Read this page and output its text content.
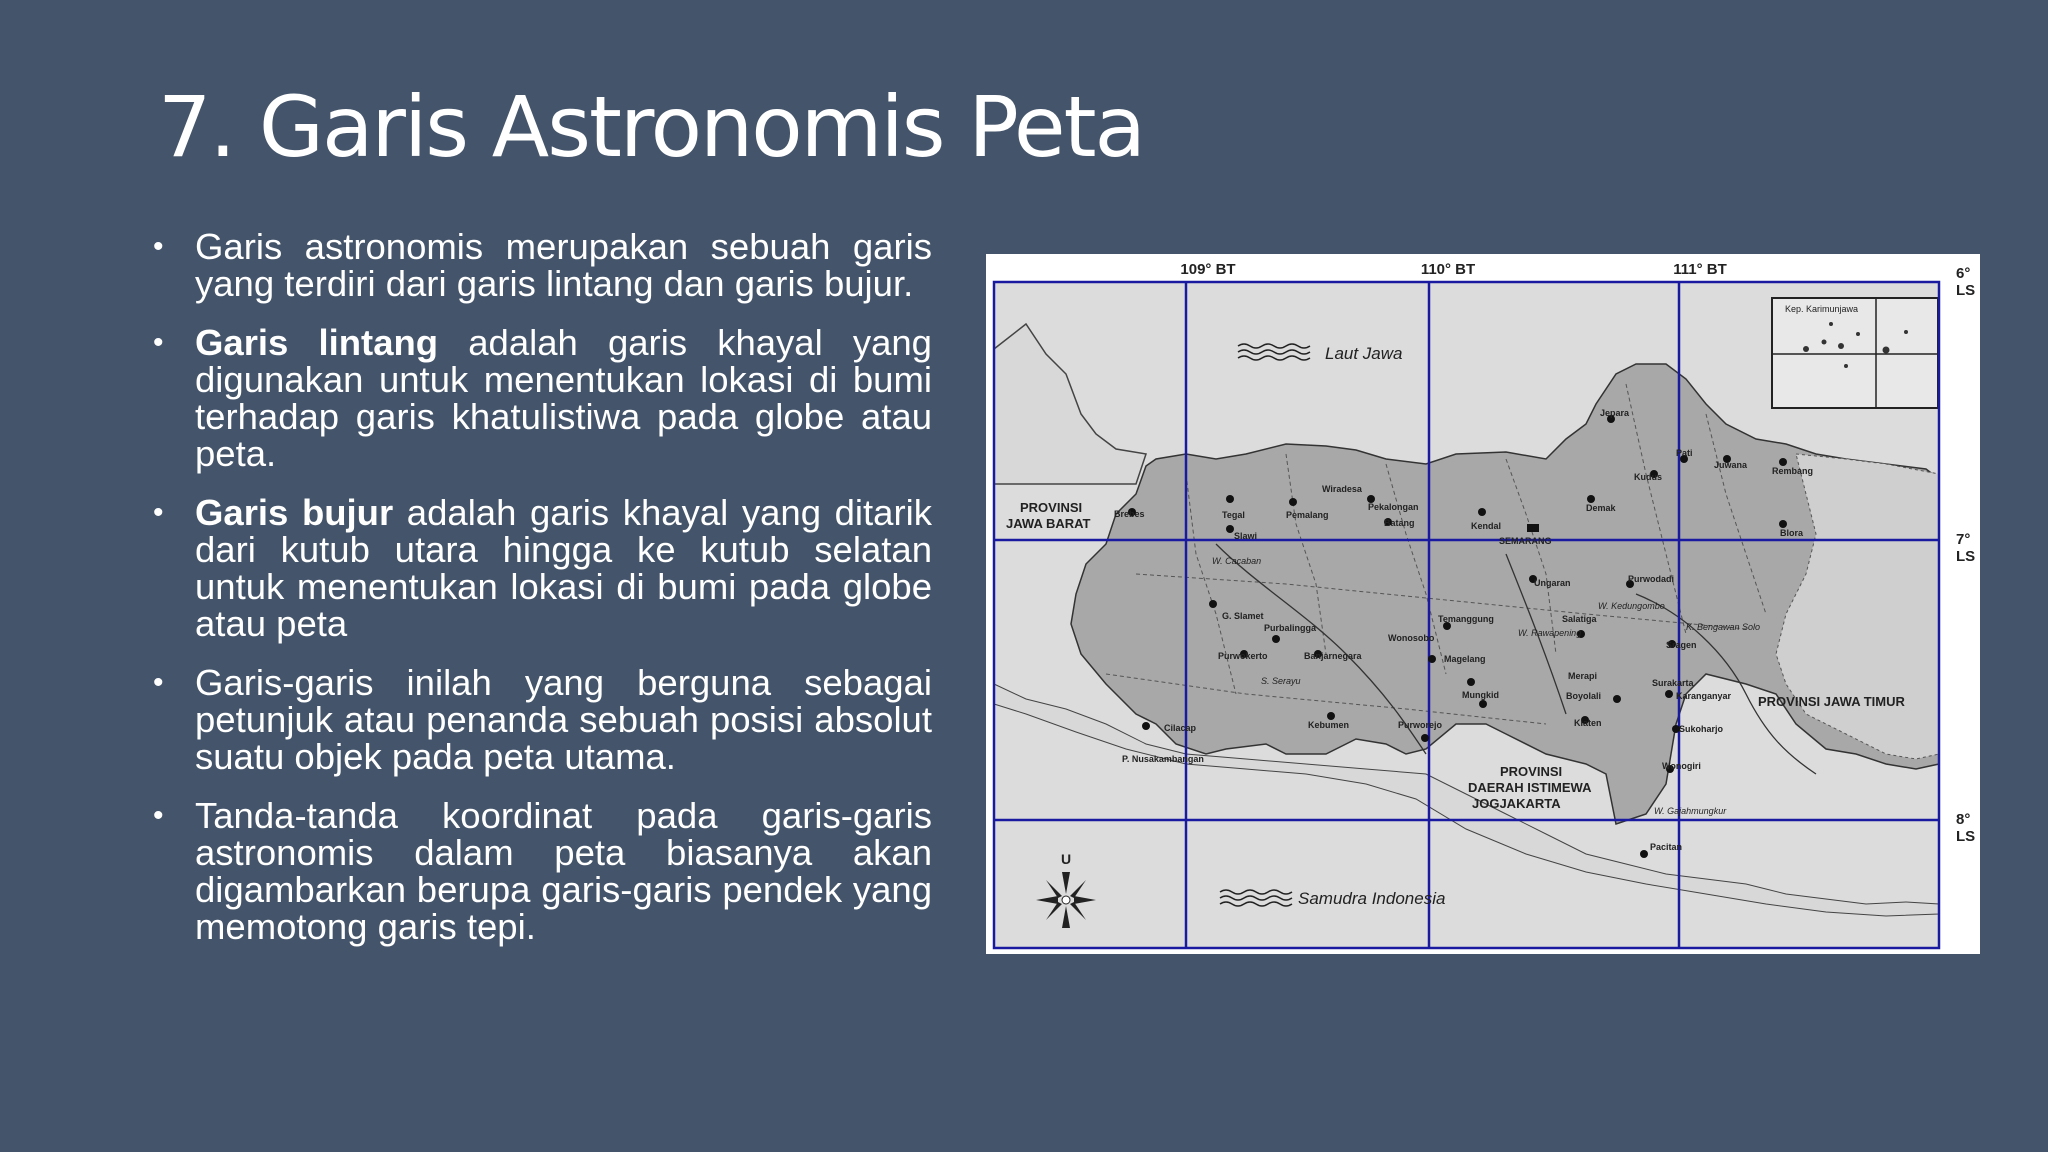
7. Garis Astronomis Peta
• Garis astronomis merupakan sebuah garis yang terdiri dari garis lintang dan garis bujur.
• Garis lintang adalah garis khayal yang digunakan untuk menentukan lokasi di bumi terhadap garis khatulistiwa pada globe atau peta.
• Garis bujur adalah garis khayal yang ditarik dari kutub utara hingga ke kutub selatan untuk menentukan lokasi di bumi pada globe atau peta
• Garis-garis inilah yang berguna sebagai petunjuk atau penanda sebuah posisi absolut suatu objek pada peta utama.
• Tanda-tanda koordinat pada garis-garis astronomis dalam peta biasanya akan digambarkan berupa garis-garis pendek yang memotong garis tepi.
109° BT	110° BT	111° BT	6°
LS
7°
LS
8°
LS
Laut Jawa
Samudra Indonesia
Kep. Karimunjawa
U
PROVINSI
JAWA BARAT
PROVINSI JAWA TIMUR
PROVINSI
DAERAH ISTIMEWA
JOGJAKARTA
Jepara
Kudus
Pati
Juwana
Rembang
Blora
Demak
Kendal
SEMARANG
Ungaran	Purwodadi
Brebes	Tegal
Slawi
Pemalang
Wiradesa
Pekalongan
Batang
Temanggung
Wonosobo
Magelang
Mungkid
Purbalingga
Banjarnegara
Purwokerto
Kebumen	Purworejo
Cilacap
P. Nusakambangan
G. Slamet
Boyolali
Klaten
Salatiga
Sragen
Karanganyar
Sukoharjo
Wonogiri
Surakarta
Merapi
Pacitan
W. Cacaban
S. Serayu
W. Kedungombo
W. Gajahmungkur
K. Bengawan Solo
W. Rawapening
